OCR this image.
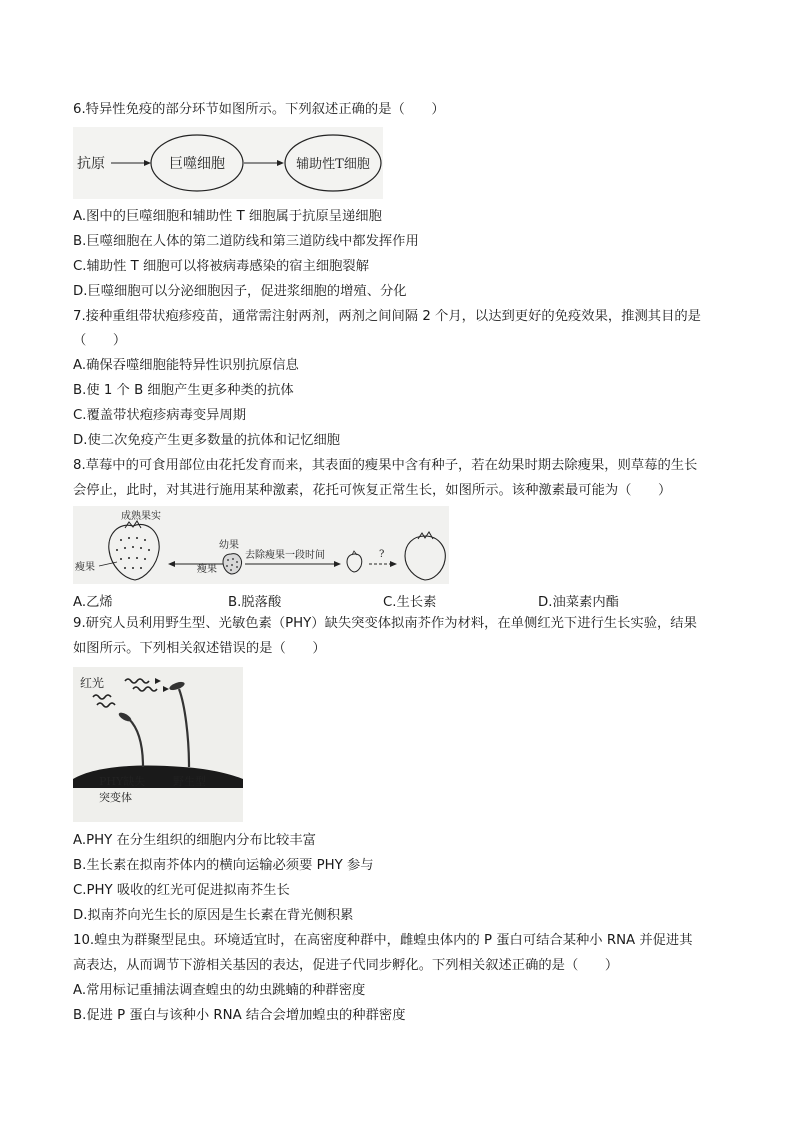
6.特异性免疫的部分环节如图所示。下列叙述正确的是（　　）
抗原	巨噬细胞	辅助性T细胞
A.图中的巨噬细胞和辅助性 T 细胞属于抗原呈递细胞
B.巨噬细胞在人体的第二道防线和第三道防线中都发挥作用
C.辅助性 T 细胞可以将被病毒感染的宿主细胞裂解
D.巨噬细胞可以分泌细胞因子，促进浆细胞的增殖、分化
7.接种重组带状疱疹疫苗，通常需注射两剂，两剂之间间隔 2 个月，以达到更好的免疫效果，推测其目的是
（　　）
A.确保吞噬细胞能特异性识别抗原信息
B.使 1 个 B 细胞产生更多种类的抗体
C.覆盖带状疱疹病毒变异周期
D.使二次免疫产生更多数量的抗体和记忆细胞
8.草莓中的可食用部位由花托发育而来，其表面的瘦果中含有种子，若在幼果时期去除瘦果，则草莓的生长
会停止，此时，对其进行施用某种激素，花托可恢复正常生长，如图所示。该种激素最可能为（　　）
成熟果实
瘦果
幼果
瘦果
去除瘦果一段时间	?
A.乙烯	B.脱落酸	C.生长素	D.油菜素内酯
9.研究人员利用野生型、光敏色素（PHY）缺失突变体拟南芥作为材料，在单侧红光下进行生长实验，结果
如图所示。下列相关叙述错误的是（　　）
红光
PHY缺失
突变体
野生型
A.PHY 在分生组织的细胞内分布比较丰富
B.生长素在拟南芥体内的横向运输必须要 PHY 参与
C.PHY 吸收的红光可促进拟南芥生长
D.拟南芥向光生长的原因是生长素在背光侧积累
10.蝗虫为群聚型昆虫。环境适宜时，在高密度种群中，雌蝗虫体内的 P 蛋白可结合某种小 RNA 并促进其
高表达，从而调节下游相关基因的表达，促进子代同步孵化。下列相关叙述正确的是（　　）
A.常用标记重捕法调查蝗虫的幼虫跳蝻的种群密度
B.促进 P 蛋白与该种小 RNA 结合会增加蝗虫的种群密度
